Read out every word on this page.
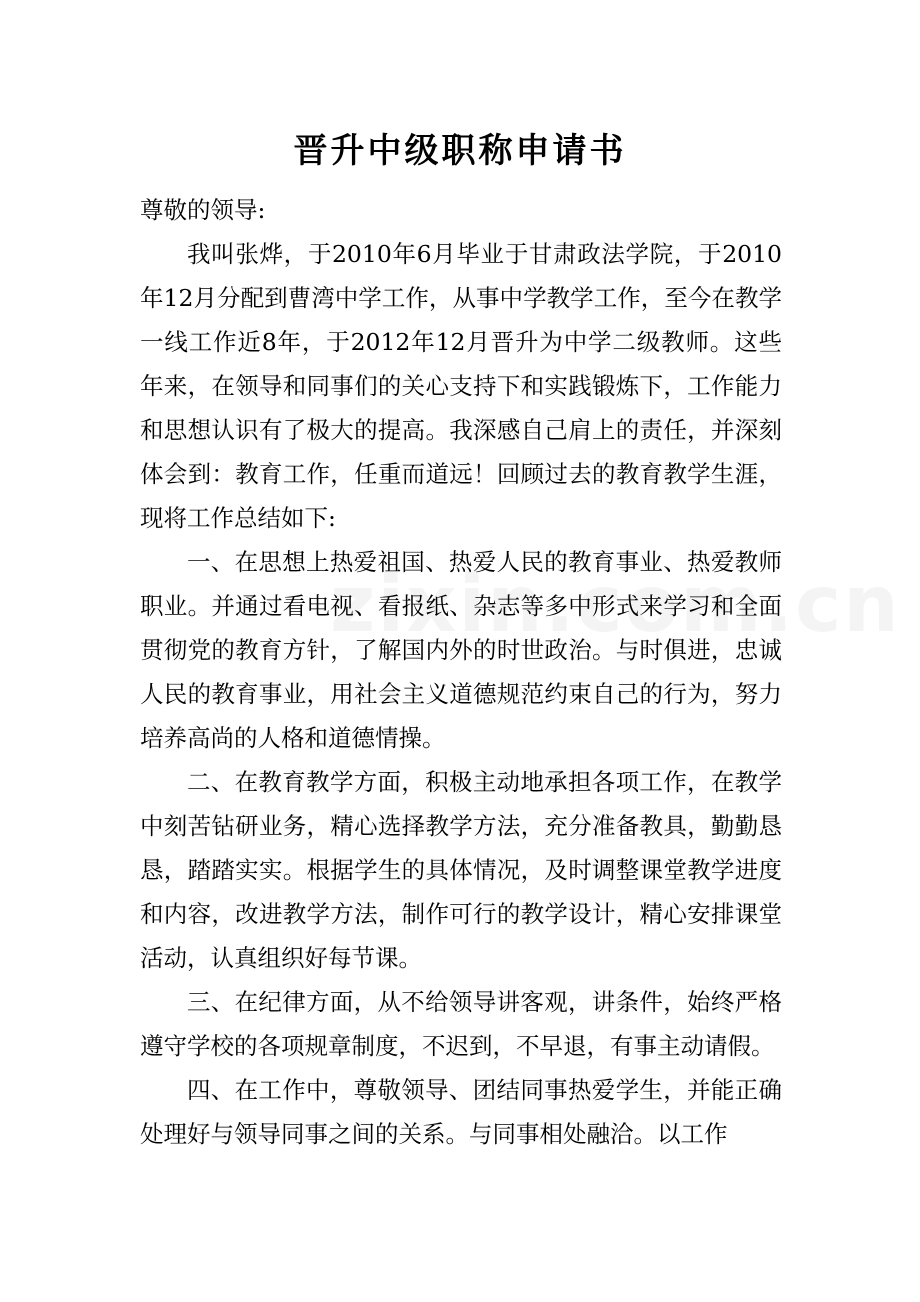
晋升中级职称申请书

尊敬的领导:

我叫张烨，于2010年6月毕业于甘肃政法学院，于2010年12月分配到曹湾中学工作，从事中学教学工作，至今在教学一线工作近8年，于2012年12月晋升为中学二级教师。这些年来，在领导和同事们的关心支持下和实践锻炼下，工作能力和思想认识有了极大的提高。我深感自己肩上的责任，并深刻体会到：教育工作，任重而道远！回顾过去的教育教学生涯，现将工作总结如下:

一、在思想上热爱祖国、热爱人民的教育事业、热爱教师职业。并通过看电视、看报纸、杂志等多中形式来学习和全面贯彻党的教育方针，了解国内外的时世政治。与时俱进，忠诚人民的教育事业，用社会主义道德规范约束自己的行为，努力培养高尚的人格和道德情操。

二、在教育教学方面，积极主动地承担各项工作，在教学中刻苦钻研业务，精心选择教学方法，充分准备教具，勤勤恳恳，踏踏实实。根据学生的具体情况，及时调整课堂教学进度和内容，改进教学方法，制作可行的教学设计，精心安排课堂活动，认真组织好每节课。

三、在纪律方面，从不给领导讲客观，讲条件，始终严格遵守学校的各项规章制度，不迟到，不早退，有事主动请假。

四、在工作中，尊敬领导、团结同事热爱学生，并能正确处理好与领导同事之间的关系。与同事相处融洽。以工作
